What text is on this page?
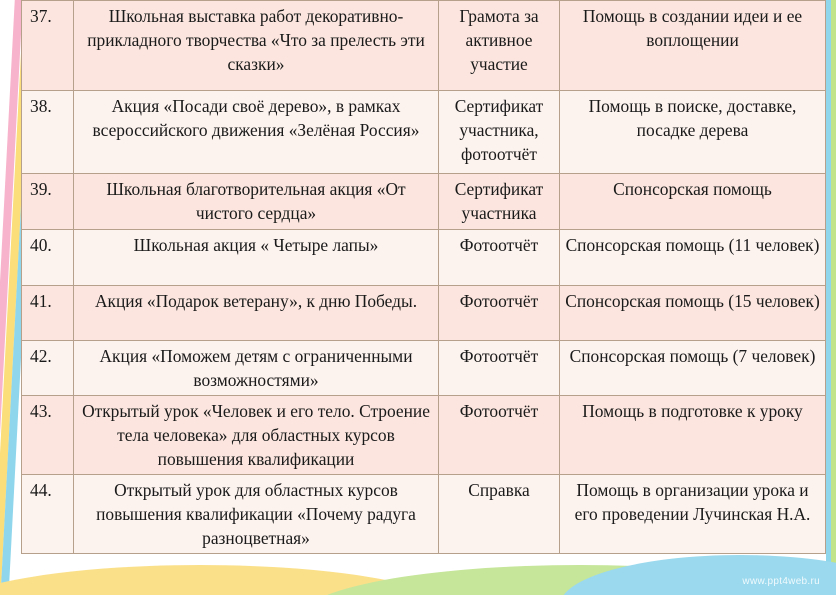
37.	Школьная выставка работ декоративно-прикладного творчества «Что за прелесть эти сказки»	Грамота за активное участие	Помощь в создании идеи и ее воплощении
38.	Акция «Посади своё дерево», в рамках всероссийского движения «Зелёная Россия»	Сертификат участника, фотоотчёт	Помощь в поиске, доставке, посадке дерева
39.	Школьная благотворительная акция «От чистого сердца»	Сертификат участника	Спонсорская помощь
40.	Школьная акция « Четыре лапы»	Фотоотчёт	Спонсорская помощь (11 человек)
41.	Акция «Подарок ветерану», к дню Победы.	Фотоотчёт	Спонсорская помощь (15 человек)
42.	Акция «Поможем детям с ограниченными возможностями»	Фотоотчёт	Спонсорская помощь (7 человек)
43.	Открытый урок «Человек и его тело. Строение тела человека» для областных курсов повышения квалификации	Фотоотчёт	Помощь в подготовке к уроку
44.	Открытый урок для областных курсов повышения квалификации «Почему радуга разноцветная»	Справка	Помощь в организации урока и его проведении Лучинская Н.А.
www.ppt4web.ru
